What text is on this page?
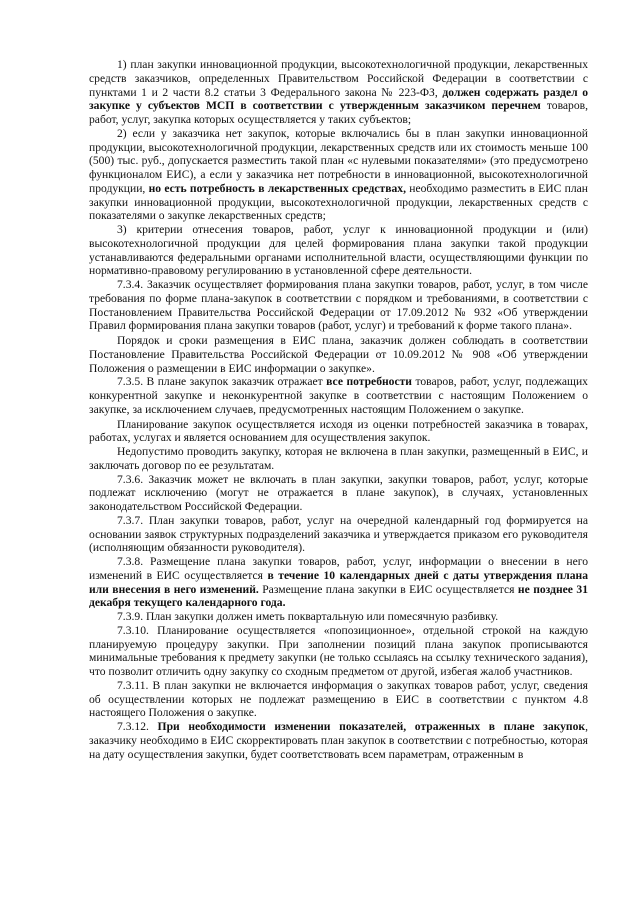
1) план закупки инновационной продукции, высокотехнологичной продукции, лекарственных средств заказчиков, определенных Правительством Российской Федерации в соответствии с пунктами 1 и 2 части 8.2 статьи 3 Федерального закона № 223-ФЗ, должен содержать раздел о закупке у субъектов МСП в соответствии с утвержденным заказчиком перечнем товаров, работ, услуг, закупка которых осуществляется у таких субъектов;

2) если у заказчика нет закупок, которые включались бы в план закупки инновационной продукции, высокотехнологичной продукции, лекарственных средств или их стоимость меньше 100 (500) тыс. руб., допускается разместить такой план «с нулевыми показателями» (это предусмотрено функционалом ЕИС), а если у заказчика нет потребности в инновационной, высокотехнологичной продукции, но есть потребность в лекарственных средствах, необходимо разместить в ЕИС план закупки инновационной продукции, высокотехнологичной продукции, лекарственных средств с показателями о закупке лекарственных средств;

3) критерии отнесения товаров, работ, услуг к инновационной продукции и (или) высокотехнологичной продукции для целей формирования плана закупки такой продукции устанавливаются федеральными органами исполнительной власти, осуществляющими функции по нормативно-правовому регулированию в установленной сфере деятельности.

7.3.4. Заказчик осуществляет формирования плана закупки товаров, работ, услуг, в том числе требования по форме плана-закупок в соответствии с порядком и требованиями, в соответствии с Постановлением Правительства Российской Федерации от 17.09.2012 № 932 «Об утверждении Правил формирования плана закупки товаров (работ, услуг) и требований к форме такого плана».

Порядок и сроки размещения в ЕИС плана, заказчик должен соблюдать в соответствии Постановление Правительства Российской Федерации от 10.09.2012 № 908 «Об утверждении Положения о размещении в ЕИС информации о закупке».

7.3.5. В плане закупок заказчик отражает все потребности товаров, работ, услуг, подлежащих конкурентной закупке и неконкурентной закупке в соответствии с настоящим Положением о закупке, за исключением случаев, предусмотренных настоящим Положением о закупке.

Планирование закупок осуществляется исходя из оценки потребностей заказчика в товарах, работах, услугах и является основанием для осуществления закупок.

Недопустимо проводить закупку, которая не включена в план закупки, размещенный в ЕИС, и заключать договор по ее результатам.

7.3.6. Заказчик может не включать в план закупки, закупки товаров, работ, услуг, которые подлежат исключению (могут не отражается в плане закупок), в случаях, установленных законодательством Российской Федерации.

7.3.7. План закупки товаров, работ, услуг на очередной календарный год формируется на основании заявок структурных подразделений заказчика и утверждается приказом его руководителя (исполняющим обязанности руководителя).

7.3.8. Размещение плана закупки товаров, работ, услуг, информации о внесении в него изменений в ЕИС осуществляется в течение 10 календарных дней с даты утверждения плана или внесения в него изменений. Размещение плана закупки в ЕИС осуществляется не позднее 31 декабря текущего календарного года.

7.3.9. План закупки должен иметь поквартальную или помесячную разбивку.

7.3.10. Планирование осуществляется «попозиционное», отдельной строкой на каждую планируемую процедуру закупки. При заполнении позиций плана закупок прописываются минимальные требования к предмету закупки (не только ссылаясь на ссылку технического задания), что позволит отличить одну закупку со сходным предметом от другой, избегая жалоб участников.

7.3.11. В план закупки не включается информация о закупках товаров работ, услуг, сведения об осуществлении которых не подлежат размещению в ЕИС в соответствии с пунктом 4.8 настоящего Положения о закупке.

7.3.12. При необходимости изменении показателей, отраженных в плане закупок, заказчику необходимо в ЕИС скорректировать план закупок в соответствии с потребностью, которая на дату осуществления закупки, будет соответствовать всем параметрам, отраженным в
